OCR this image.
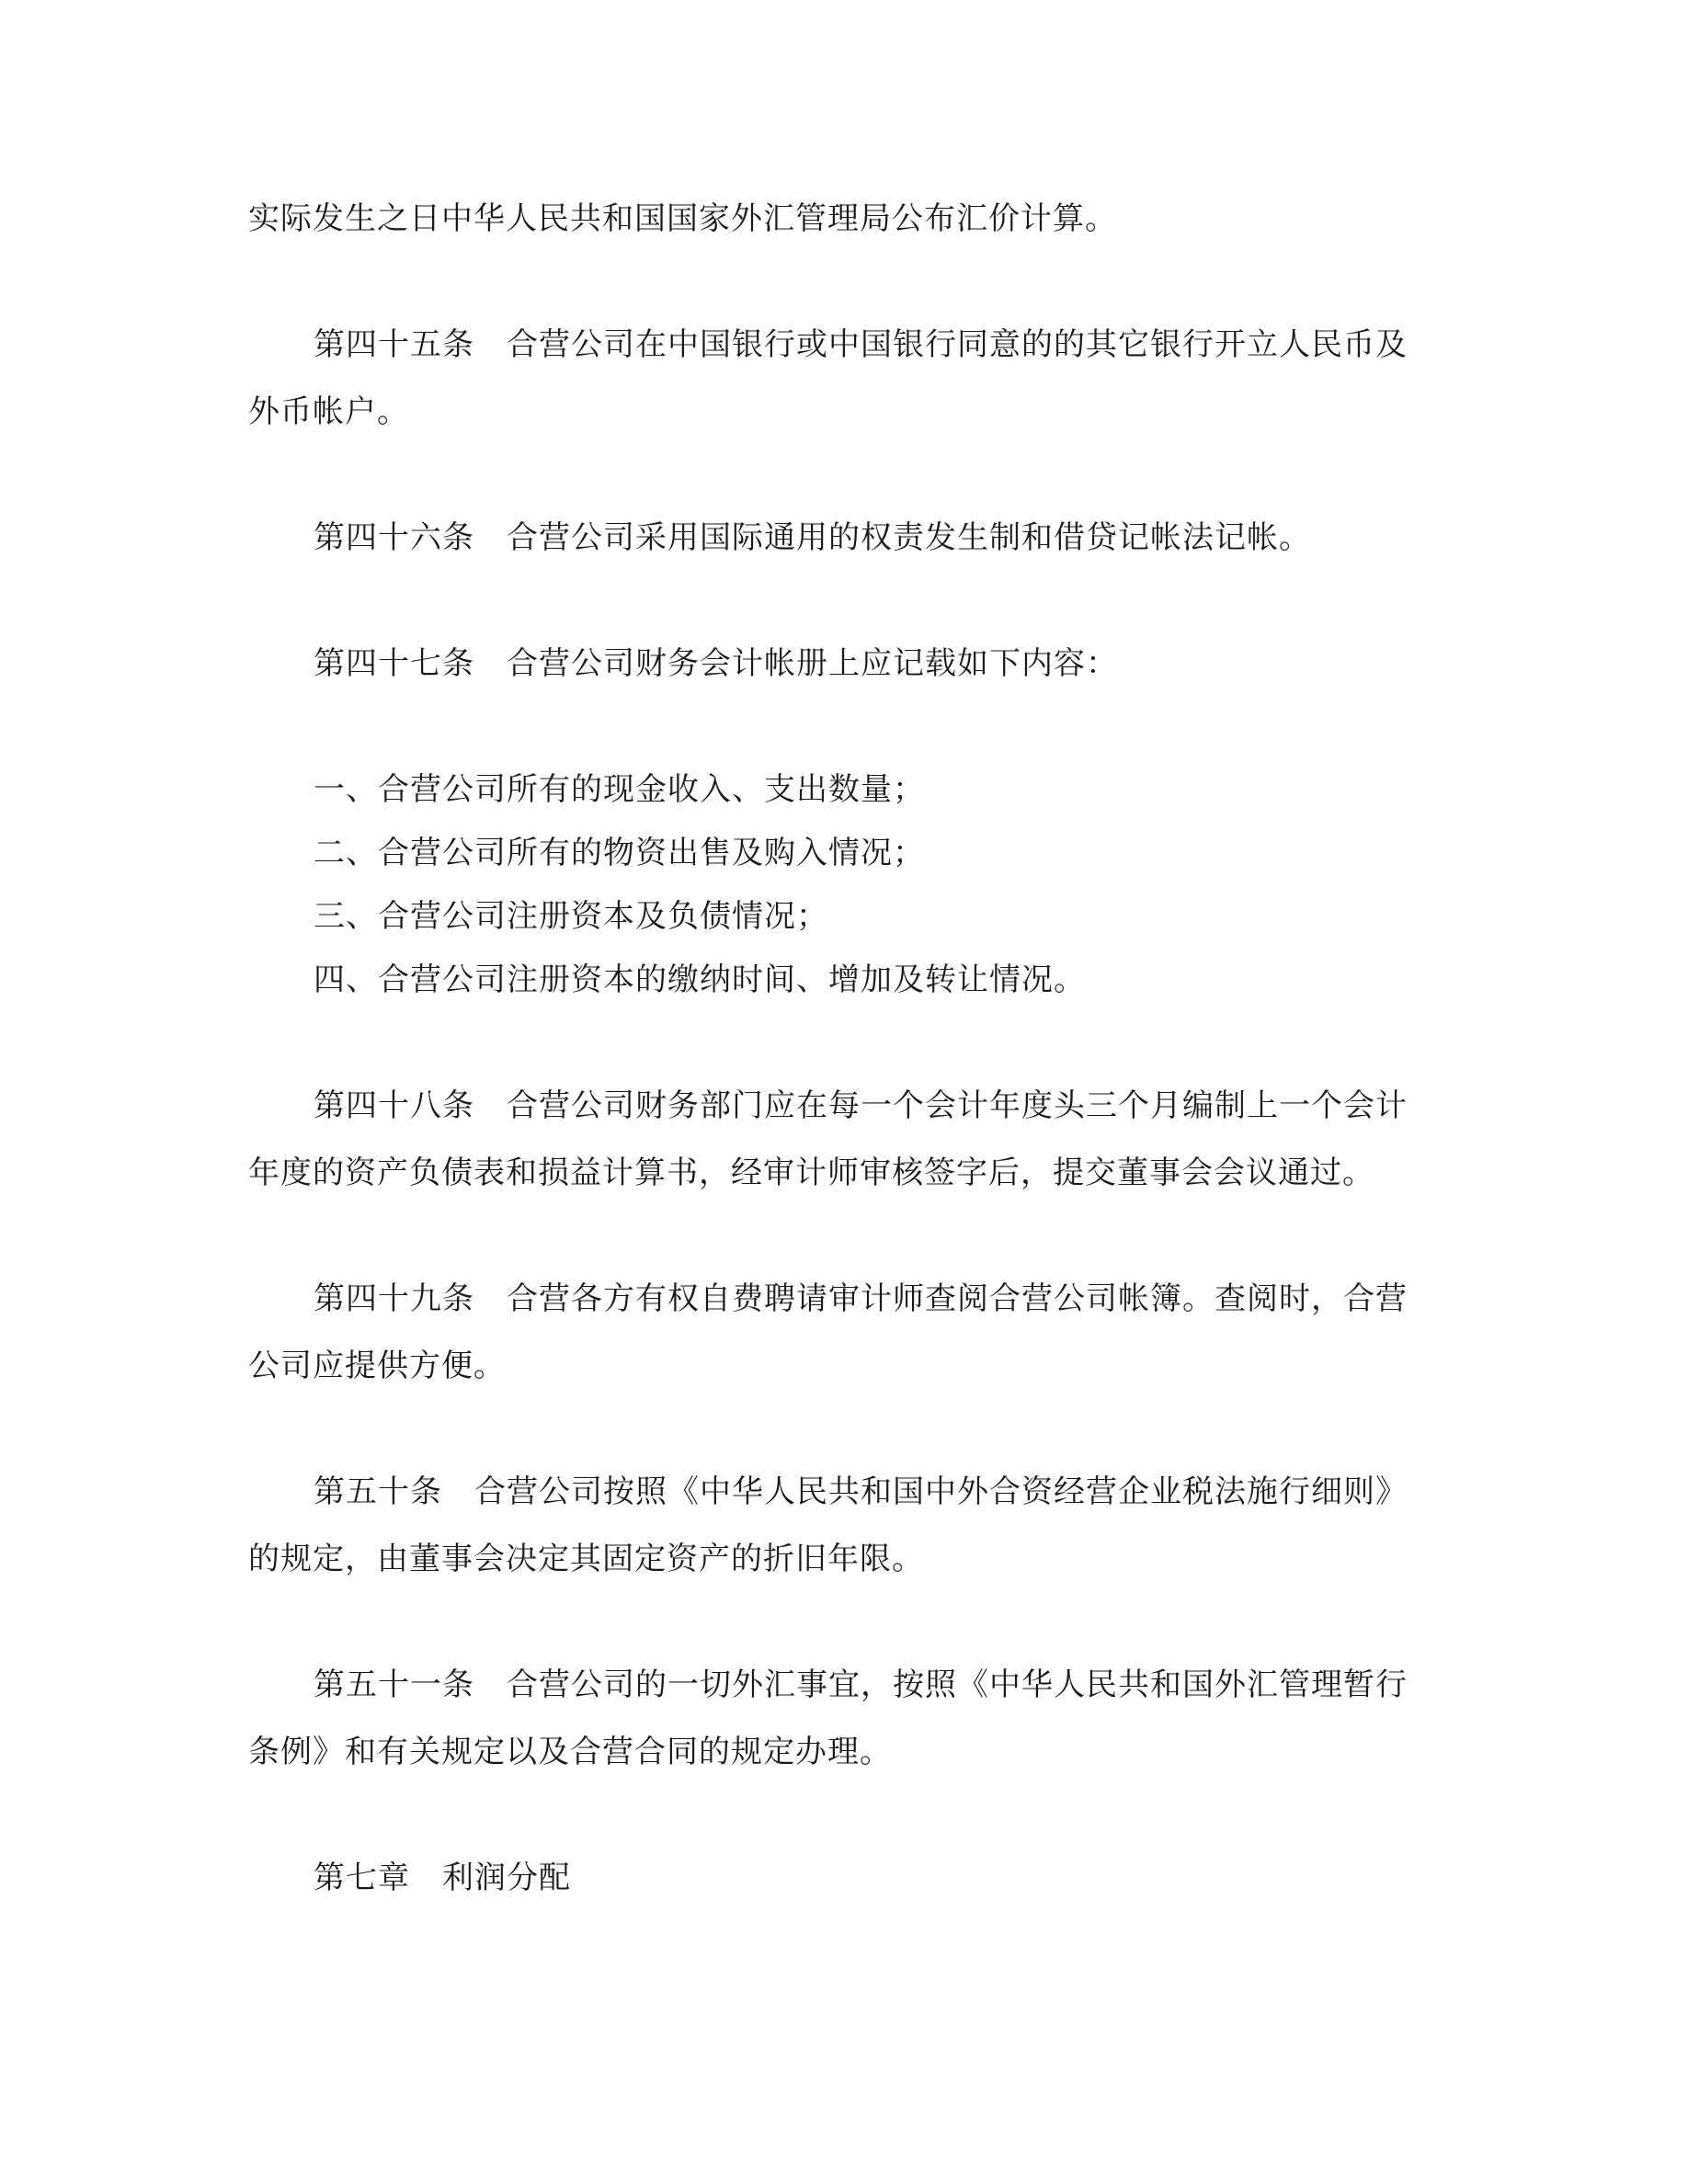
实际发生之日中华人民共和国国家外汇管理局公布汇价计算。
第四十五条　合营公司在中国银行或中国银行同意的的其它银行开立人民币及
外币帐户。
第四十六条　合营公司采用国际通用的权责发生制和借贷记帐法记帐。
第四十七条　合营公司财务会计帐册上应记载如下内容：
一、合营公司所有的现金收入、支出数量；
二、合营公司所有的物资出售及购入情况；
三、合营公司注册资本及负债情况；
四、合营公司注册资本的缴纳时间、增加及转让情况。
第四十八条　合营公司财务部门应在每一个会计年度头三个月编制上一个会计
年度的资产负债表和损益计算书，经审计师审核签字后，提交董事会会议通过。
第四十九条　合营各方有权自费聘请审计师查阅合营公司帐簿。查阅时，合营
公司应提供方便。
第五十条　合营公司按照《中华人民共和国中外合资经营企业税法施行细则》
的规定，由董事会决定其固定资产的折旧年限。
第五十一条　合营公司的一切外汇事宜，按照《中华人民共和国外汇管理暂行
条例》和有关规定以及合营合同的规定办理。
第七章　利润分配
